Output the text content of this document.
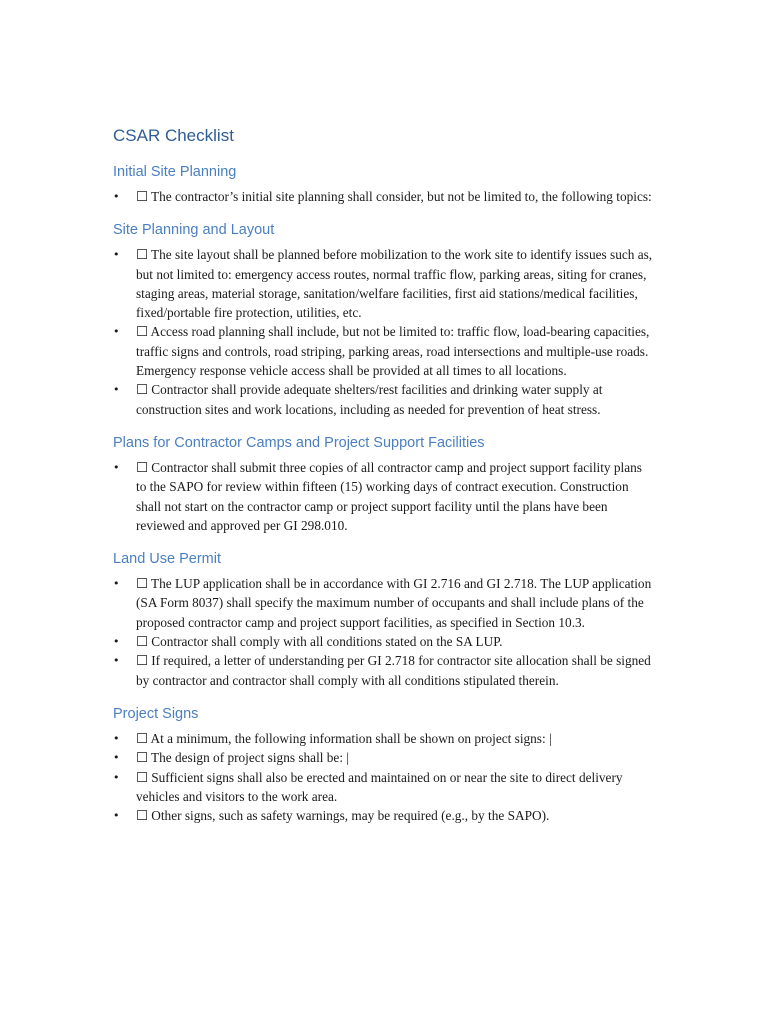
CSAR Checklist
Initial Site Planning
• ☐ The contractor’s initial site planning shall consider, but not be limited to, the following topics:
Site Planning and Layout
• ☐ The site layout shall be planned before mobilization to the work site to identify issues such as, but not limited to: emergency access routes, normal traffic flow, parking areas, siting for cranes, staging areas, material storage, sanitation/welfare facilities, first aid stations/medical facilities, fixed/portable fire protection, utilities, etc.
• ☐ Access road planning shall include, but not be limited to: traffic flow, load-bearing capacities, traffic signs and controls, road striping, parking areas, road intersections and multiple-use roads. Emergency response vehicle access shall be provided at all times to all locations.
• ☐ Contractor shall provide adequate shelters/rest facilities and drinking water supply at construction sites and work locations, including as needed for prevention of heat stress.
Plans for Contractor Camps and Project Support Facilities
• ☐ Contractor shall submit three copies of all contractor camp and project support facility plans to the SAPO for review within fifteen (15) working days of contract execution. Construction shall not start on the contractor camp or project support facility until the plans have been reviewed and approved per GI 298.010.
Land Use Permit
• ☐ The LUP application shall be in accordance with GI 2.716 and GI 2.718. The LUP application (SA Form 8037) shall specify the maximum number of occupants and shall include plans of the proposed contractor camp and project support facilities, as specified in Section 10.3.
• ☐ Contractor shall comply with all conditions stated on the SA LUP.
• ☐ If required, a letter of understanding per GI 2.718 for contractor site allocation shall be signed by contractor and contractor shall comply with all conditions stipulated therein.
Project Signs
• ☐ At a minimum, the following information shall be shown on project signs: |
• ☐ The design of project signs shall be: |
• ☐ Sufficient signs shall also be erected and maintained on or near the site to direct delivery vehicles and visitors to the work area.
• ☐ Other signs, such as safety warnings, may be required (e.g., by the SAPO).
